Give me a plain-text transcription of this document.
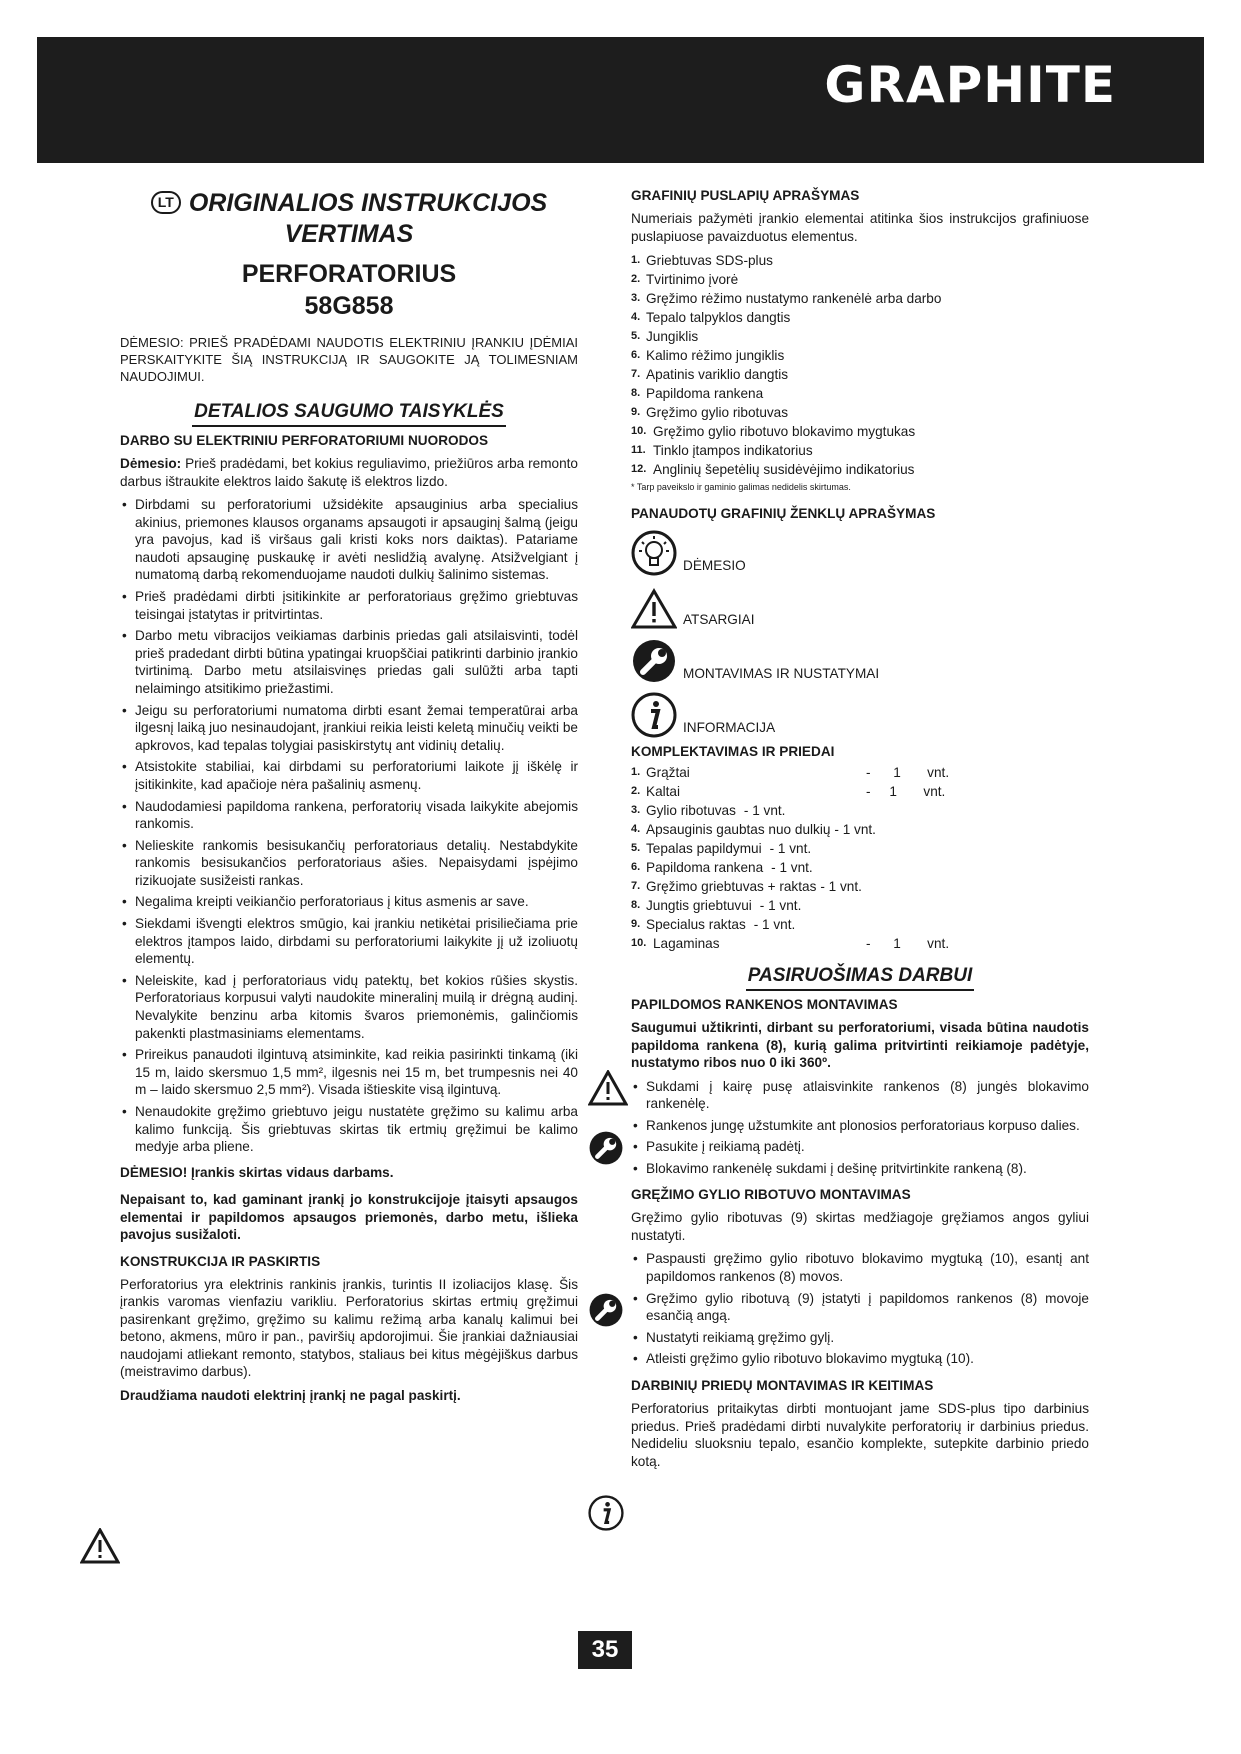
GRAPHITE
LT ORIGINALIOS INSTRUKCIJOS
VERTIMAS
PERFORATORIUS
58G858

DĖMESIO: PRIEŠ PRADĖDAMI NAUDOTIS ELEKTRINIU ĮRANKIU ĮDĖMIAI PERSKAITYKITE ŠIĄ INSTRUKCIJĄ IR SAUGOKITE JĄ TOLIMESNIAM NAUDOJIMUI.

DETALIOS SAUGUMO TAISYKLĖS
DARBO SU ELEKTRINIU PERFORATORIUMI NUORODOS

Dėmesio: Prieš pradėdami, bet kokius reguliavimo, priežiūros arba remonto darbus ištraukite elektros laido šakutę iš elektros lizdo.

• Dirbdami su perforatoriumi užsidėkite apsauginius arba specialius akinius, priemones klausos organams apsaugoti ir apsauginį šalmą (jeigu yra pavojus, kad iš viršaus gali kristi koks nors daiktas). Patariame naudoti apsauginę puskaukę ir avėti neslidžią avalynę. Atsižvelgiant į numatomą darbą rekomenduojame naudoti dulkių šalinimo sistemas.

• Prieš pradėdami dirbti įsitikinkite ar perforatoriaus gręžimo griebtuvas teisingai įstatytas ir pritvirtintas.

• Darbo metu vibracijos veikiamas darbinis priedas gali atsilaisvinti, todėl prieš pradedant dirbti būtina ypatingai kruopščiai patikrinti darbinio įrankio tvirtinimą. Darbo metu atsilaisvinęs priedas gali sulūžti arba tapti nelaimingo atsitikimo priežastimi.

• Jeigu su perforatoriumi numatoma dirbti esant žemai temperatūrai arba ilgesnį laiką juo nesinaudojant, įrankiui reikia leisti keletą minučių veikti be apkrovos, kad tepalas tolygiai pasiskirstytų ant vidinių detalių.

• Atsistokite stabiliai, kai dirbdami su perforatoriumi laikote jį iškėlę ir įsitikinkite, kad apačioje nėra pašalinių asmenų.

• Naudodamiesi papildoma rankena, perforatorių visada laikykite abejomis rankomis.

• Nelieskite rankomis besisukančių perforatoriaus detalių. Nestabdykite rankomis besisukančios perforatoriaus ašies. Nepaisydami įspėjimo rizikuojate susižeisti rankas.

• Negalima kreipti veikiančio perforatoriaus į kitus asmenis ar save.

• Siekdami išvengti elektros smūgio, kai įrankiu netikėtai prisiliečiama prie elektros įtampos laido, dirbdami su perforatoriumi laikykite jį už izoliuotų elementų.

• Neleiskite, kad į perforatoriaus vidų patektų, bet kokios rūšies skystis. Perforatoriaus korpusui valyti naudokite mineralinį muilą ir drėgną audinį. Nevalykite benzinu arba kitomis švaros priemonėmis, galinčiomis pakenkti plastmasiniams elementams.

• Prireikus panaudoti ilgintuvą atsiminkite, kad reikia pasirinkti tinkamą (iki 15 m, laido skersmuo 1,5 mm², ilgesnis nei 15 m, bet trumpesnis nei 40 m – laido skersmuo 2,5 mm²). Visada ištieskite visą ilgintuvą.

• Nenaudokite gręžimo griebtuvo jeigu nustatėte gręžimo su kalimu arba kalimo funkciją. Šis griebtuvas skirtas tik ertmių gręžimui be kalimo medyje arba pliene.

DĖMESIO! Įrankis skirtas vidaus darbams.

Nepaisant to, kad gaminant įrankį jo konstrukcijoje įtaisyti apsaugos elementai ir papildomos apsaugos priemonės, darbo metu, išlieka pavojus susižaloti.

KONSTRUKCIJA IR PASKIRTIS

Perforatorius yra elektrinis rankinis įrankis, turintis II izoliacijos klasę. Šis įrankis varomas vienfaziu varikliu. Perforatorius skirtas ertmių gręžimui pasirenkant gręžimo, gręžimo su kalimu režimą arba kanalų kalimui bei betono, akmens, mūro ir pan., paviršių apdorojimui. Šie įrankiai dažniausiai naudojami atliekant remonto, statybos, staliaus bei kitus mėgėjiškus darbus (meistravimo darbus).

Draudžiama naudoti elektrinį įrankį ne pagal paskirtį.

GRAFINIŲ PUSLAPIŲ APRAŠYMAS

Numeriais pažymėti įrankio elementai atitinka šios instrukcijos grafiniuose puslapiuose pavaizduotus elementus.

1. Griebtuvas SDS-plus
2. Tvirtinimo įvorė
3. Gręžimo rėžimo nustatymo rankenėlė arba darbo
4. Tepalo talpyklos dangtis
5. Jungiklis
6. Kalimo rėžimo jungiklis
7. Apatinis variklio dangtis
8. Papildoma rankena
9. Gręžimo gylio ribotuvas
10. Gręžimo gylio ribotuvo blokavimo mygtukas
11. Tinklo įtampos indikatorius
12. Anglinių šepetėlių susidėvėjimo indikatorius
* Tarp paveikslo ir gaminio galimas nedidelis skirtumas.
PANAUDOTŲ GRAFINIŲ ŽENKLŲ APRAŠYMAS
DĖMESIO
ATSARGIAI
MONTAVIMAS IR NUSTATYMAI
INFORMACIJA
KOMPLEKTAVIMAS IR PRIEDAI
1. Grąžtai	-      1       vnt.
2. Kaltai	-     1       vnt.
3. Gylio ribotuvas - 1 vnt.
4. Apsauginis gaubtas nuo dulkių - 1 vnt.
5. Tepalas papildymui - 1 vnt.
6. Papildoma rankena - 1 vnt.
7. Gręžimo griebtuvas + raktas - 1 vnt.
8. Jungtis griebtuvui - 1 vnt.
9. Specialus raktas - 1 vnt.
10. Lagaminas	-      1       vnt.
PASIRUOŠIMAS DARBUI
PAPILDOMOS RANKENOS MONTAVIMAS

Saugumui užtikrinti, dirbant su perforatoriumi, visada būtina naudotis papildoma rankena (8), kurią galima pritvirtinti reikiamoje padėtyje, nustatymo ribos nuo 0 iki 360º.

• Sukdami į kairę pusę atlaisvinkite rankenos (8) jungės blokavimo rankenėlę.

• Rankenos jungę užstumkite ant plonosios perforatoriaus korpuso dalies.

• Pasukite į reikiamą padėtį.

• Blokavimo rankenėlę sukdami į dešinę pritvirtinkite rankeną (8).

GRĘŽIMO GYLIO RIBOTUVO MONTAVIMAS

Gręžimo gylio ribotuvas (9) skirtas medžiagoje gręžiamos angos gyliui nustatyti.

• Paspausti gręžimo gylio ribotuvo blokavimo mygtuką (10), esantį ant papildomos rankenos (8) movos.

• Gręžimo gylio ribotuvą (9) įstatyti į papildomos rankenos (8) movoje esančią angą.

• Nustatyti reikiamą gręžimo gylį.

• Atleisti gręžimo gylio ribotuvo blokavimo mygtuką (10).

DARBINIŲ PRIEDŲ MONTAVIMAS IR KEITIMAS

Perforatorius pritaikytas dirbti montuojant jame SDS-plus tipo darbinius priedus. Prieš pradėdami dirbti nuvalykite perforatorių ir darbinius priedus. Nedideliu sluoksniu tepalo, esančio komplekte, sutepkite darbinio priedo kotą.

35
